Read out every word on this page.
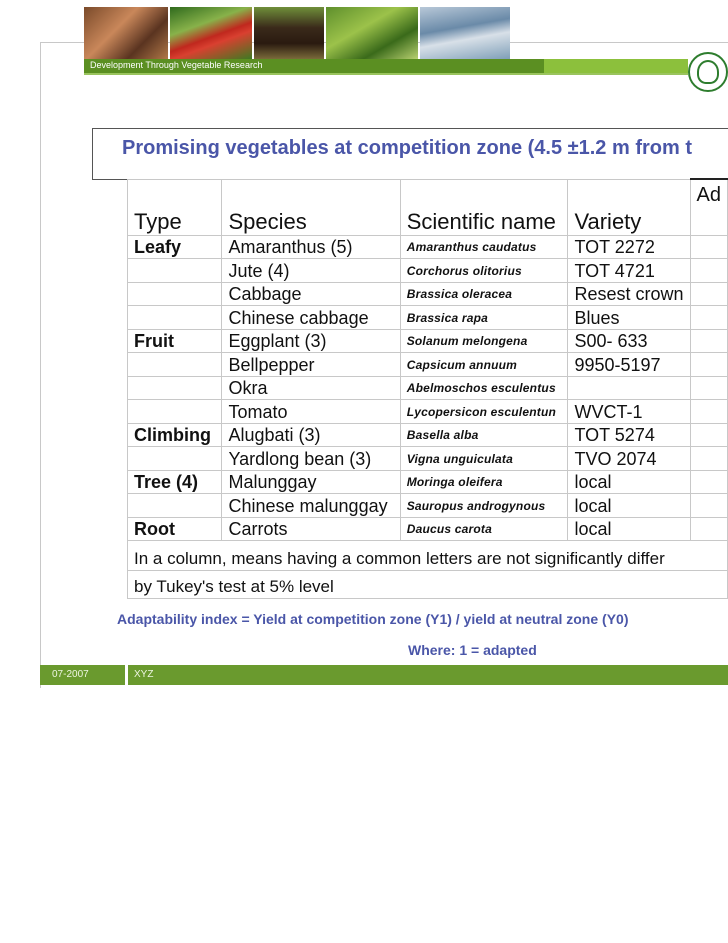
Development Through Vegetable Research
Promising vegetables at competition zone (4.5 ±1.2 m from t
Type	Species	Scientific name	Variety	Ad
Leafy	Amaranthus (5)	Amaranthus caudatus	TOT 2272	
	Jute (4)	Corchorus olitorius	TOT 4721	
	Cabbage	Brassica oleracea	Resest crown	
	Chinese cabbage	Brassica rapa	Blues	
Fruit	Eggplant (3)	Solanum melongena	S00- 633	
	Bellpepper	Capsicum annuum	9950-5197	
	Okra	Abelmoschos esculentus		
	Tomato	Lycopersicon esculentun	WVCT-1	
Climbing	Alugbati (3)	Basella alba	TOT 5274	
	Yardlong bean (3)	Vigna unguiculata	TVO 2074	
Tree (4)	Malunggay	Moringa oleifera	local	
	Chinese malunggay	Sauropus androgynous	local	
Root	Carrots	Daucus carota	local	
In a column, means having a common letters are not significantly differ				
by Tukey's test at 5% level				
Adaptability index = Yield at competition zone (Y1) / yield at neutral zone (Y0)
Where: 1 = adapted
07-2007	XYZ
